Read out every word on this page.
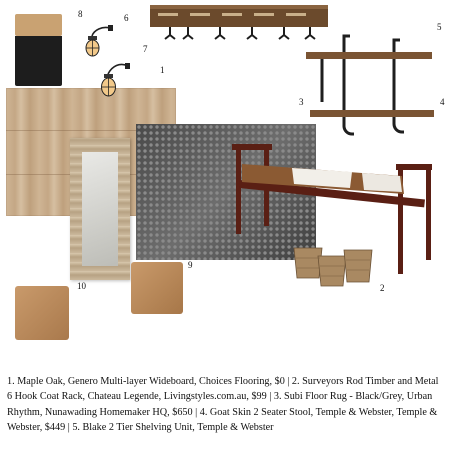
8	6
7
1
5
3	4
9
10	2
1. Maple Oak, Genero Multi-layer Wideboard, Choices Flooring, $0 | 2. Surveyors Rod Timber and Metal 6 Hook Coat Rack, Chateau Legende, Livingstyles.com.au, $99 | 3. Subi Floor Rug - Black/Grey, Urban Rhythm, Nunawading Homemaker HQ, $650 | 4. Goat Skin 2 Seater Stool, Temple & Webster, Temple & Webster, $449 | 5. Blake 2 Tier Shelving Unit, Temple & Webster
